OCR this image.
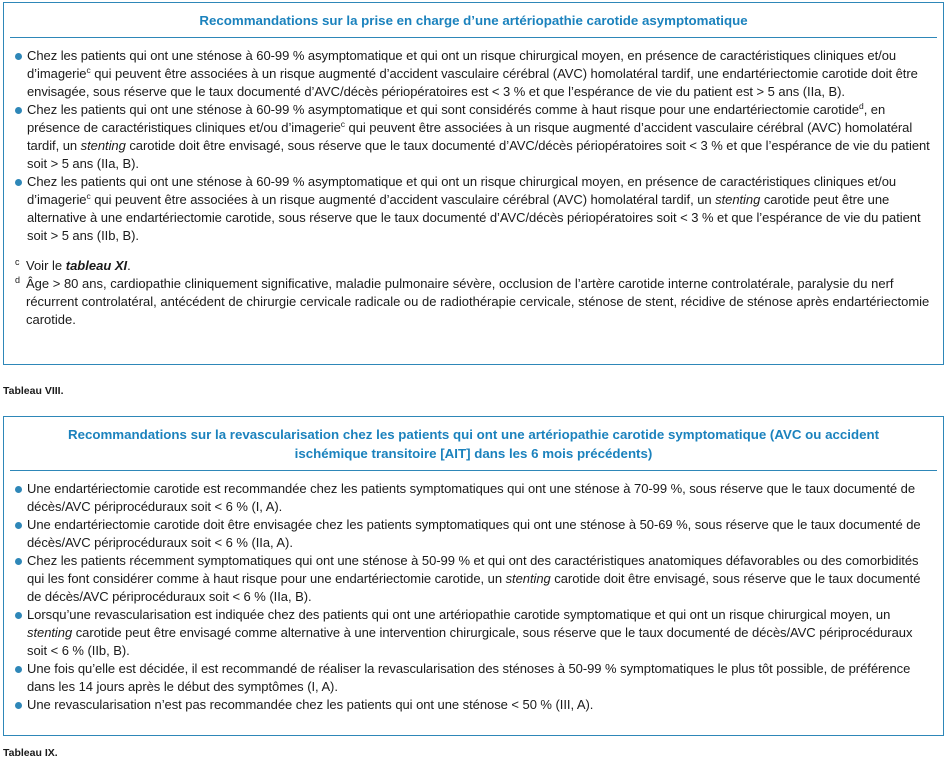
Recommandations sur la prise en charge d’une artériopathie carotide asymptomatique
Chez les patients qui ont une sténose à 60-99 % asymptomatique et qui ont un risque chirurgical moyen, en présence de caractéristiques cliniques et/ou d’imagerie$^c$ qui peuvent être associées à un risque augmenté d’accident vasculaire cérébral (AVC) homolatéral tardif, une endartériectomie carotide doit être envisagée, sous réserve que le taux documenté d’AVC/décès périopératoires est < 3 % et que l’espérance de vie du patient est > 5 ans (IIa, B).
Chez les patients qui ont une sténose à 60-99 % asymptomatique et qui sont considérés comme à haut risque pour une endartériectomie carotide$^d$, en présence de caractéristiques cliniques et/ou d’imagerie$^c$ qui peuvent être associées à un risque augmenté d’accident vasculaire cérébral (AVC) homolatéral tardif, un stenting carotide doit être envisagé, sous réserve que le taux documenté d’AVC/décès périopératoires soit < 3 % et que l’espérance de vie du patient soit > 5 ans (IIa, B).
Chez les patients qui ont une sténose à 60-99 % asymptomatique et qui ont un risque chirurgical moyen, en présence de caractéristiques cliniques et/ou d’imagerie$^c$ qui peuvent être associées à un risque augmenté d’accident vasculaire cérébral (AVC) homolatéral tardif, un stenting carotide peut être une alternative à une endartériectomie carotide, sous réserve que le taux documenté d’AVC/décès périopératoires soit < 3 % et que l’espérance de vie du patient soit > 5 ans (IIb, B).
c Voir le tableau XI.
d Âge > 80 ans, cardiopathie cliniquement significative, maladie pulmonaire sévère, occlusion de l’artère carotide interne controlatérale, paralysie du nerf récurrent controlatéral, antécédent de chirurgie cervicale radicale ou de radiothérapie cervicale, sténose de stent, récidive de sténose après endartériectomie carotide.
Tableau VIII.
Recommandations sur la revascularisation chez les patients qui ont une artériopathie carotide symptomatique (AVC ou accident
ischémique transitoire [AIT] dans les 6 mois précédents)
Une endartériectomie carotide est recommandée chez les patients symptomatiques qui ont une sténose à 70-99 %, sous réserve que le taux documenté de décès/AVC périprocéduraux soit < 6 % (I, A).
Une endartériectomie carotide doit être envisagée chez les patients symptomatiques qui ont une sténose à 50-69 %, sous réserve que le taux documenté de décès/AVC périprocéduraux soit < 6 % (IIa, A).
Chez les patients récemment symptomatiques qui ont une sténose à 50-99 % et qui ont des caractéristiques anatomiques défavorables ou des comorbidités qui les font considérer comme à haut risque pour une endartériectomie carotide, un stenting carotide doit être envisagé, sous réserve que le taux documenté de décès/AVC périprocéduraux soit < 6 % (IIa, B).
Lorsqu’une revascularisation est indiquée chez des patients qui ont une artériopathie carotide symptomatique et qui ont un risque chirurgical moyen, un stenting carotide peut être envisagé comme alternative à une intervention chirurgicale, sous réserve que le taux documenté de décès/AVC périprocéduraux soit < 6 % (IIb, B).
Une fois qu’elle est décidée, il est recommandé de réaliser la revascularisation des sténoses à 50-99 % symptomatiques le plus tôt possible, de préférence dans les 14 jours après le début des symptômes (I, A).
Une revascularisation n’est pas recommandée chez les patients qui ont une sténose < 50 % (III, A).
Tableau IX.
